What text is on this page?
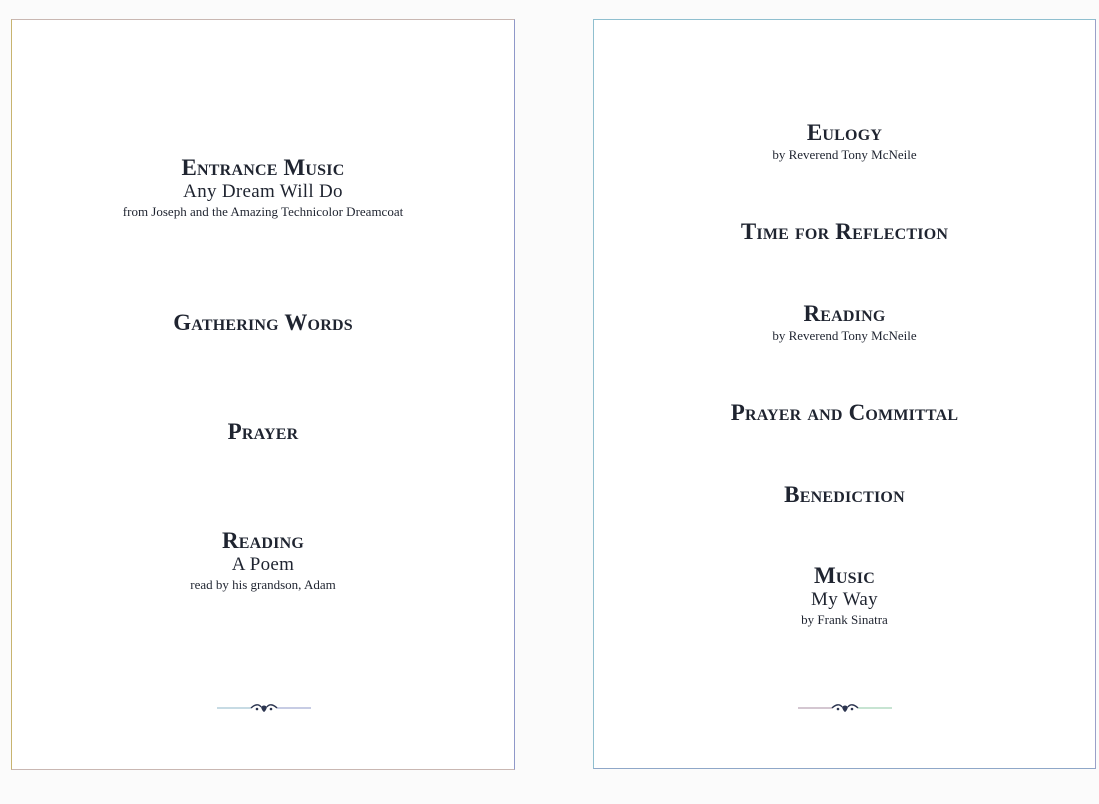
Entrance Music
Any Dream Will Do
from Joseph and the Amazing Technicolor Dreamcoat
Gathering Words
Prayer
Reading
A Poem
read by his grandson, Adam
Eulogy
by Reverend Tony McNeile
Time for Reflection
Reading
by Reverend Tony McNeile
Prayer and Committal
Benediction
Music
My Way
by Frank Sinatra
